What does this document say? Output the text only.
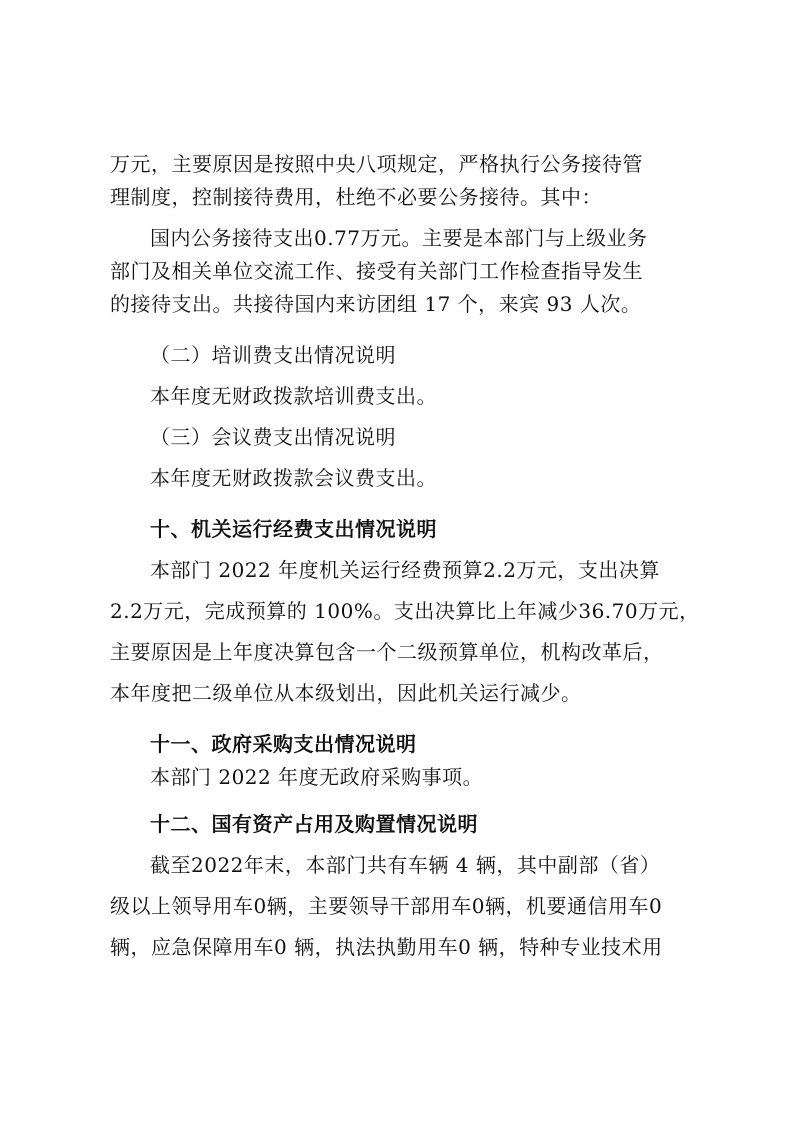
万元，主要原因是按照中央八项规定，严格执行公务接待管
理制度，控制接待费用，杜绝不必要公务接待。其中：
国内公务接待支出0.77万元。主要是本部门与上级业务
部门及相关单位交流工作、接受有关部门工作检查指导发生
的接待支出。共接待国内来访团组 17 个，来宾 93 人次。
（二）培训费支出情况说明
本年度无财政拨款培训费支出。
（三）会议费支出情况说明
本年度无财政拨款会议费支出。
十、机关运行经费支出情况说明
本部门 2022 年度机关运行经费预算2.2万元，支出决算
2.2万元，完成预算的 100%。支出决算比上年减少36.70万元，
主要原因是上年度决算包含一个二级预算单位，机构改革后，
本年度把二级单位从本级划出，因此机关运行减少。
十一、政府采购支出情况说明
本部门 2022 年度无政府采购事项。
十二、国有资产占用及购置情况说明
截至2022年末，本部门共有车辆 4 辆，其中副部（省）
级以上领导用车0辆，主要领导干部用车0辆，机要通信用车0
辆，应急保障用车0 辆，执法执勤用车0 辆，特种专业技术用
